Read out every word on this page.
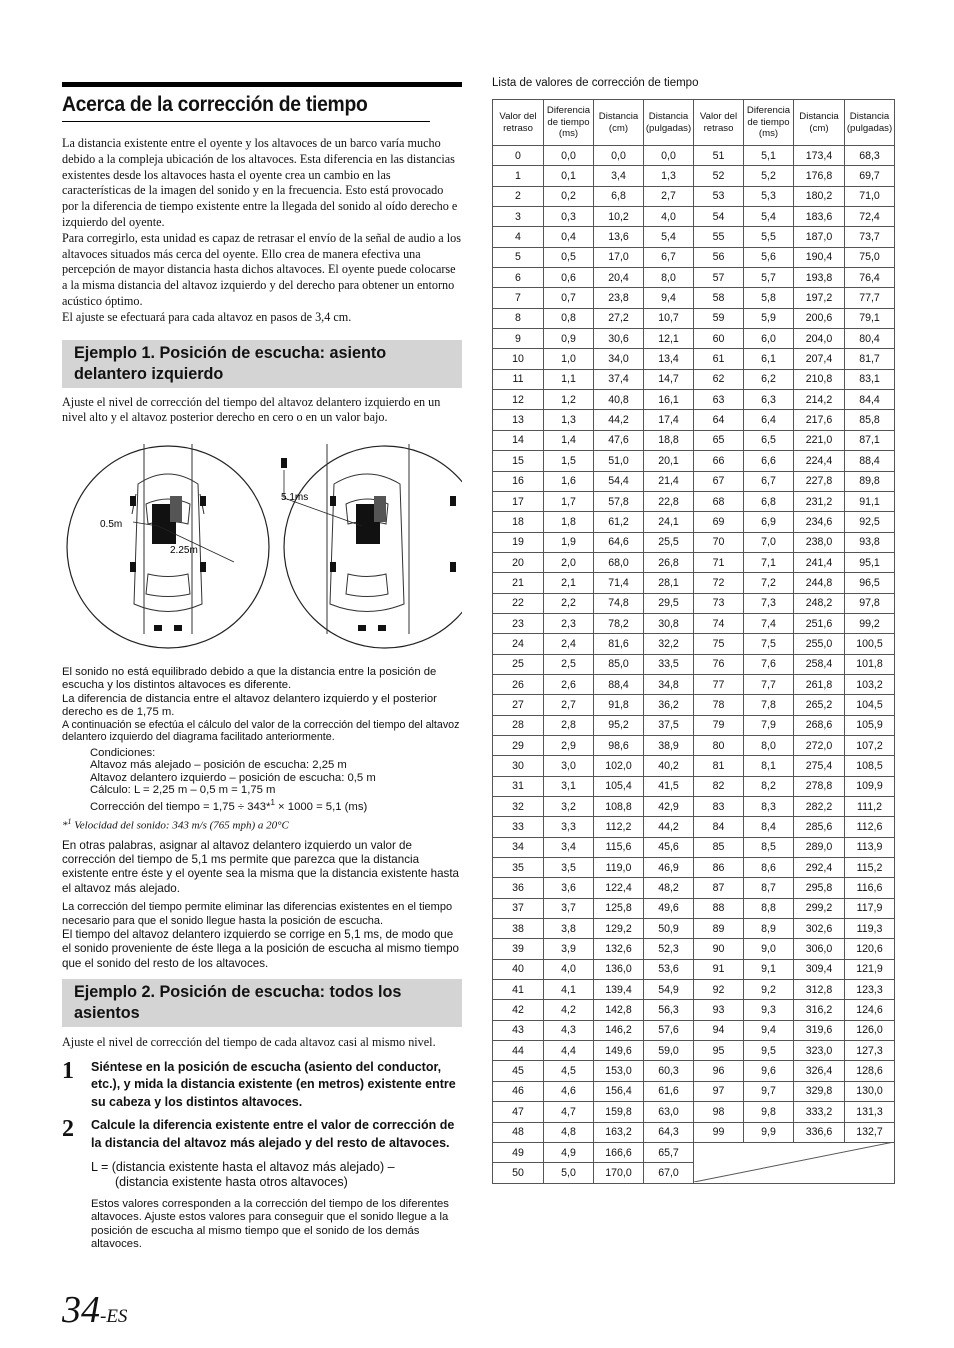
Acerca de la corrección de tiempo

La distancia existente entre el oyente y los altavoces de un barco varía mucho debido a la compleja ubicación de los altavoces. Esta diferencia en las distancias existentes desde los altavoces hasta el oyente crea un cambio en las características de la imagen del sonido y en la frecuencia. Esto está provocado por la diferencia de tiempo existente entre la llegada del sonido al oído derecho e izquierdo del oyente.

Para corregirlo, esta unidad es capaz de retrasar el envío de la señal de audio a los altavoces situados más cerca del oyente. Ello crea de manera efectiva una percepción de mayor distancia hasta dichos altavoces. El oyente puede colocarse a la misma distancia del altavoz izquierdo y del derecho para obtener un entorno acústico óptimo.

El ajuste se efectuará para cada altavoz en pasos de 3,4 cm.

Ejemplo 1. Posición de escucha: asiento delantero izquierdo

Ajuste el nivel de corrección del tiempo del altavoz delantero izquierdo en un nivel alto y el altavoz posterior derecho en cero o en un valor bajo.

0.5m
2.25m
5.1ms

El sonido no está equilibrado debido a que la distancia entre la posición de escucha y los distintos altavoces es diferente.

La diferencia de distancia entre el altavoz delantero izquierdo y el posterior derecho es de 1,75 m.

A continuación se efectúa el cálculo del valor de la corrección del tiempo del altavoz delantero izquierdo del diagrama facilitado anteriormente.

Condiciones:
Altavoz más alejado – posición de escucha: 2,25 m
Altavoz delantero izquierdo – posición de escucha: 0,5 m
Cálculo: L = 2,25 m – 0,5 m = 1,75 m
Corrección del tiempo = 1,75 ÷ 343*$^1$ × 1000 = 5,1 (ms)

*$^1$ Velocidad del sonido: 343 m/s (765 mph) a 20°C

En otras palabras, asignar al altavoz delantero izquierdo un valor de corrección del tiempo de 5,1 ms permite que parezca que la distancia existente entre éste y el oyente sea la misma que la distancia existente hasta el altavoz más alejado.

La corrección del tiempo permite eliminar las diferencias existentes en el tiempo necesario para que el sonido llegue hasta la posición de escucha.

El tiempo del altavoz delantero izquierdo se corrige en 5,1 ms, de modo que el sonido proveniente de éste llega a la posición de escucha al mismo tiempo que el sonido del resto de los altavoces.

Ejemplo 2. Posición de escucha: todos los asientos

Ajuste el nivel de corrección del tiempo de cada altavoz casi al mismo nivel.

1	Siéntese en la posición de escucha (asiento del conductor, etc.), y mida la distancia existente (en metros) existente entre su cabeza y los distintos altavoces.
2	Calcule la diferencia existente entre el valor de corrección de la distancia del altavoz más alejado y del resto de altavoces.
L = (distancia existente hasta el altavoz más alejado) –
(distancia existente hasta otros altavoces)

Estos valores corresponden a la corrección del tiempo de los diferentes altavoces. Ajuste estos valores para conseguir que el sonido llegue a la posición de escucha al mismo tiempo que el sonido de los demás altavoces.

34-ES
Lista de valores de corrección de tiempo
Valor del retraso	Diferencia de tiempo (ms)	Distancia (cm)	Distancia (pulgadas)	Valor del retraso	Diferencia de tiempo (ms)	Distancia (cm)	Distancia (pulgadas)
0	0,0	0,0	0,0	51	5,1	173,4	68,3
1	0,1	3,4	1,3	52	5,2	176,8	69,7
2	0,2	6,8	2,7	53	5,3	180,2	71,0
3	0,3	10,2	4,0	54	5,4	183,6	72,4
4	0,4	13,6	5,4	55	5,5	187,0	73,7
5	0,5	17,0	6,7	56	5,6	190,4	75,0
6	0,6	20,4	8,0	57	5,7	193,8	76,4
7	0,7	23,8	9,4	58	5,8	197,2	77,7
8	0,8	27,2	10,7	59	5,9	200,6	79,1
9	0,9	30,6	12,1	60	6,0	204,0	80,4
10	1,0	34,0	13,4	61	6,1	207,4	81,7
11	1,1	37,4	14,7	62	6,2	210,8	83,1
12	1,2	40,8	16,1	63	6,3	214,2	84,4
13	1,3	44,2	17,4	64	6,4	217,6	85,8
14	1,4	47,6	18,8	65	6,5	221,0	87,1
15	1,5	51,0	20,1	66	6,6	224,4	88,4
16	1,6	54,4	21,4	67	6,7	227,8	89,8
17	1,7	57,8	22,8	68	6,8	231,2	91,1
18	1,8	61,2	24,1	69	6,9	234,6	92,5
19	1,9	64,6	25,5	70	7,0	238,0	93,8
20	2,0	68,0	26,8	71	7,1	241,4	95,1
21	2,1	71,4	28,1	72	7,2	244,8	96,5
22	2,2	74,8	29,5	73	7,3	248,2	97,8
23	2,3	78,2	30,8	74	7,4	251,6	99,2
24	2,4	81,6	32,2	75	7,5	255,0	100,5
25	2,5	85,0	33,5	76	7,6	258,4	101,8
26	2,6	88,4	34,8	77	7,7	261,8	103,2
27	2,7	91,8	36,2	78	7,8	265,2	104,5
28	2,8	95,2	37,5	79	7,9	268,6	105,9
29	2,9	98,6	38,9	80	8,0	272,0	107,2
30	3,0	102,0	40,2	81	8,1	275,4	108,5
31	3,1	105,4	41,5	82	8,2	278,8	109,9
32	3,2	108,8	42,9	83	8,3	282,2	111,2
33	3,3	112,2	44,2	84	8,4	285,6	112,6
34	3,4	115,6	45,6	85	8,5	289,0	113,9
35	3,5	119,0	46,9	86	8,6	292,4	115,2
36	3,6	122,4	48,2	87	8,7	295,8	116,6
37	3,7	125,8	49,6	88	8,8	299,2	117,9
38	3,8	129,2	50,9	89	8,9	302,6	119,3
39	3,9	132,6	52,3	90	9,0	306,0	120,6
40	4,0	136,0	53,6	91	9,1	309,4	121,9
41	4,1	139,4	54,9	92	9,2	312,8	123,3
42	4,2	142,8	56,3	93	9,3	316,2	124,6
43	4,3	146,2	57,6	94	9,4	319,6	126,0
44	4,4	149,6	59,0	95	9,5	323,0	127,3
45	4,5	153,0	60,3	96	9,6	326,4	128,6
46	4,6	156,4	61,6	97	9,7	329,8	130,0
47	4,7	159,8	63,0	98	9,8	333,2	131,3
48	4,8	163,2	64,3	99	9,9	336,6	132,7
49	4,9	166,6	65,7				
50	5,0	170,0	67,0				
